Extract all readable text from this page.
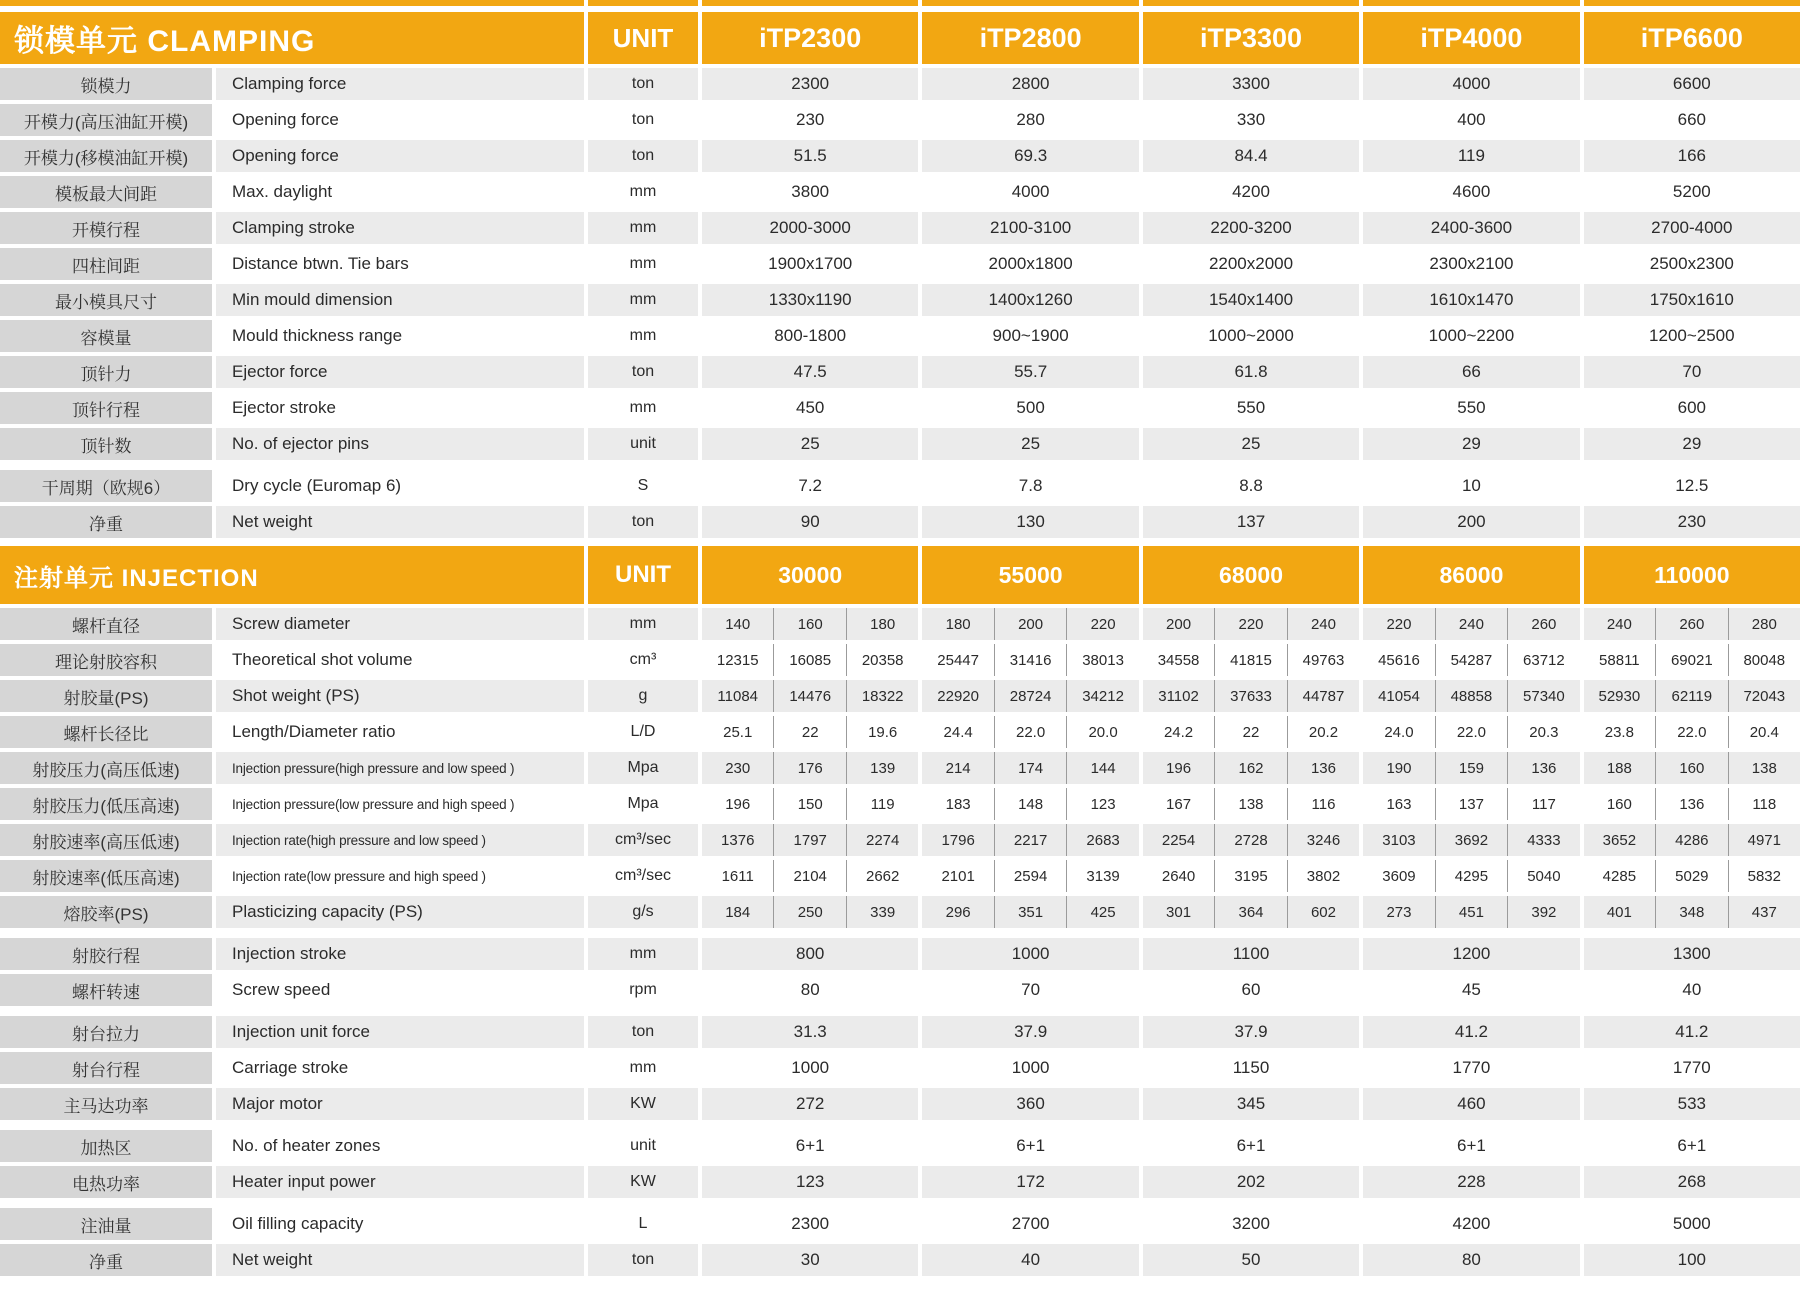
锁模单元 CLAMPING	UNIT	iTP2300	iTP2800	iTP3300	iTP4000	iTP6600
锁模力	Clamping force	ton	2300	2800	3300	4000	6600
开模力(高压油缸开模)	Opening force	ton	230	280	330	400	660
开模力(移模油缸开模)	Opening force	ton	51.5	69.3	84.4	119	166
模板最大间距	Max. daylight	mm	3800	4000	4200	4600	5200
开模行程	Clamping stroke	mm	2000-3000	2100-3100	2200-3200	2400-3600	2700-4000
四柱间距	Distance btwn. Tie bars	mm	1900x1700	2000x1800	2200x2000	2300x2100	2500x2300
最小模具尺寸	Min mould dimension	mm	1330x1190	1400x1260	1540x1400	1610x1470	1750x1610
容模量	Mould thickness range	mm	800-1800	900~1900	1000~2000	1000~2200	1200~2500
顶针力	Ejector force	ton	47.5	55.7	61.8	66	70
顶针行程	Ejector stroke	mm	450	500	550	550	600
顶针数	No. of ejector pins	unit	25	25	25	29	29
干周期（欧规6）	Dry cycle (Euromap 6)	S	7.2	7.8	8.8	10	12.5
净重	Net weight	ton	90	130	137	200	230
注射单元 INJECTION	UNIT	30000	55000	68000	86000	110000
螺杆直径	Screw diameter	mm	140	160	180	180	200	220	200	220	240	220	240	260	240	260	280
理论射胶容积	Theoretical shot volume	cm³	12315	16085	20358	25447	31416	38013	34558	41815	49763	45616	54287	63712	58811	69021	80048
射胶量(PS)	Shot weight (PS)	g	11084	14476	18322	22920	28724	34212	31102	37633	44787	41054	48858	57340	52930	62119	72043
螺杆长径比	Length/Diameter ratio	L/D	25.1	22	19.6	24.4	22.0	20.0	24.2	22	20.2	24.0	22.0	20.3	23.8	22.0	20.4
射胶压力(高压低速)	Injection pressure(high pressure and low speed )	Mpa	230	176	139	214	174	144	196	162	136	190	159	136	188	160	138
射胶压力(低压高速)	Injection pressure(low pressure and high speed )	Mpa	196	150	119	183	148	123	167	138	116	163	137	117	160	136	118
射胶速率(高压低速)	Injection rate(high pressure and low speed )	cm³/sec	1376	1797	2274	1796	2217	2683	2254	2728	3246	3103	3692	4333	3652	4286	4971
射胶速率(低压高速)	Injection rate(low pressure and high speed )	cm³/sec	1611	2104	2662	2101	2594	3139	2640	3195	3802	3609	4295	5040	4285	5029	5832
熔胶率(PS)	Plasticizing capacity (PS)	g/s	184	250	339	296	351	425	301	364	602	273	451	392	401	348	437
射胶行程	Injection stroke	mm	800	1000	1100	1200	1300
螺杆转速	Screw speed	rpm	80	70	60	45	40
射台拉力	Injection unit force	ton	31.3	37.9	37.9	41.2	41.2
射台行程	Carriage stroke	mm	1000	1000	1150	1770	1770
主马达功率	Major motor	KW	272	360	345	460	533
加热区	No. of heater zones	unit	6+1	6+1	6+1	6+1	6+1
电热功率	Heater input power	KW	123	172	202	228	268
注油量	Oil filling capacity	L	2300	2700	3200	4200	5000
净重	Net weight	ton	30	40	50	80	100
